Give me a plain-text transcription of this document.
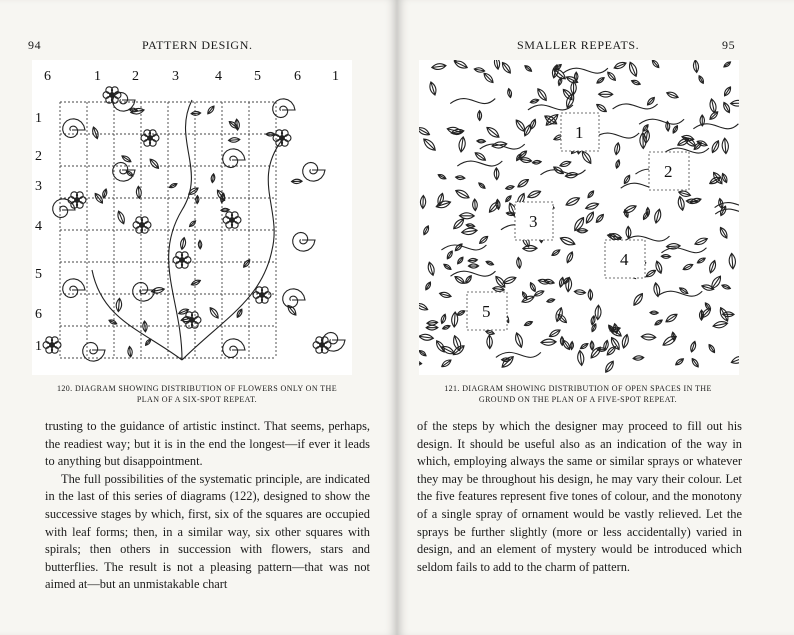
94	PATTERN DESIGN.
6	1 2 3	4 5 6 1
1
2
3
4
5
6
1
120. DIAGRAM SHOWING DISTRIBUTION OF FLOWERS ONLY ON THE
PLAN OF A SIX-SPOT REPEAT.

trusting to the guidance of artistic instinct. That seems, perhaps, the readiest way; but it is in the end the longest—if ever it leads to anything but disappointment.

The full possibilities of the systematic principle, are indicated in the last of this series of diagrams (122), designed to show the successive stages by which, first, six of the squares are occupied with leaf forms; then, in a similar way, six other squares with spirals; then others in succession with flowers, stars and butterflies. The result is not a pleasing pattern—that was not aimed at—but an unmistakable chart

SMALLER REPEATS.	95
1
2
3
4
5
121. DIAGRAM SHOWING DISTRIBUTION OF OPEN SPACES IN THE
GROUND ON THE PLAN OF A FIVE-SPOT REPEAT.

of the steps by which the designer may proceed to fill out his design. It should be useful also as an indication of the way in which, employing always the same or similar sprays or whatever they may be throughout his design, he may vary their colour. Let the five features represent five tones of colour, and the monotony of a single spray of ornament would be vastly relieved. Let the sprays be further slightly (more or less accidentally) varied in design, and an element of mystery would be introduced which seldom fails to add to the charm of pattern.
